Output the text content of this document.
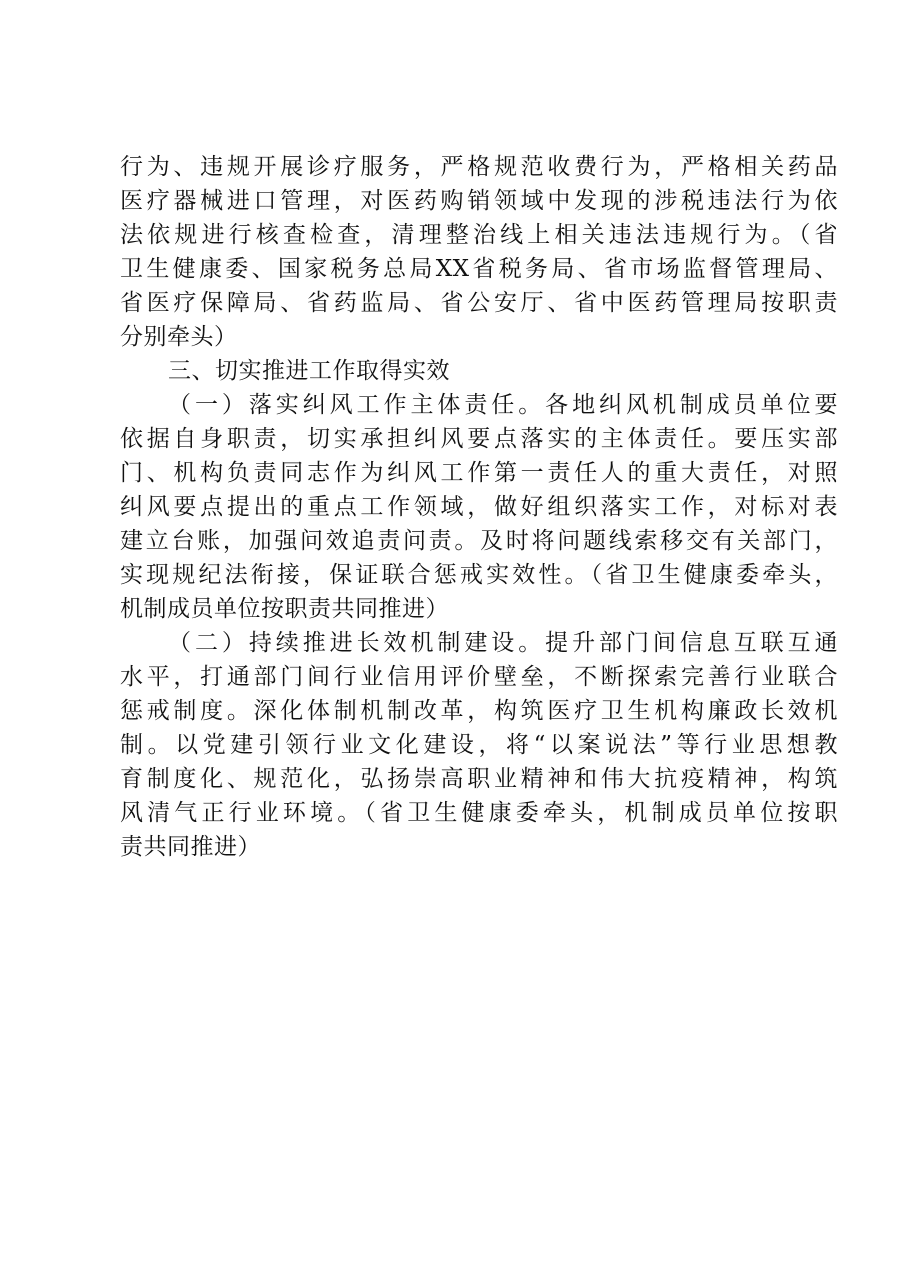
行为、违规开展诊疗服务，严格规范收费行为，严格相关药品
医疗器械进口管理，对医药购销领域中发现的涉税违法行为依
法依规进行核查检查，清理整治线上相关违法违规行为。（省
卫生健康委、国家税务总局XX省税务局、省市场监督管理局、
省医疗保障局、省药监局、省公安厅、省中医药管理局按职责
分别牵头）
三、切实推进工作取得实效
（一）落实纠风工作主体责任。各地纠风机制成员单位要
依据自身职责，切实承担纠风要点落实的主体责任。要压实部
门、机构负责同志作为纠风工作第一责任人的重大责任，对照
纠风要点提出的重点工作领域，做好组织落实工作，对标对表
建立台账，加强问效追责问责。及时将问题线索移交有关部门，
实现规纪法衔接，保证联合惩戒实效性。（省卫生健康委牵头，
机制成员单位按职责共同推进）
（二）持续推进长效机制建设。提升部门间信息互联互通
水平，打通部门间行业信用评价壁垒，不断探索完善行业联合
惩戒制度。深化体制机制改革，构筑医疗卫生机构廉政长效机
制。以党建引领行业文化建设，将“以案说法”等行业思想教
育制度化、规范化，弘扬崇高职业精神和伟大抗疫精神，构筑
风清气正行业环境。（省卫生健康委牵头，机制成员单位按职
责共同推进）
